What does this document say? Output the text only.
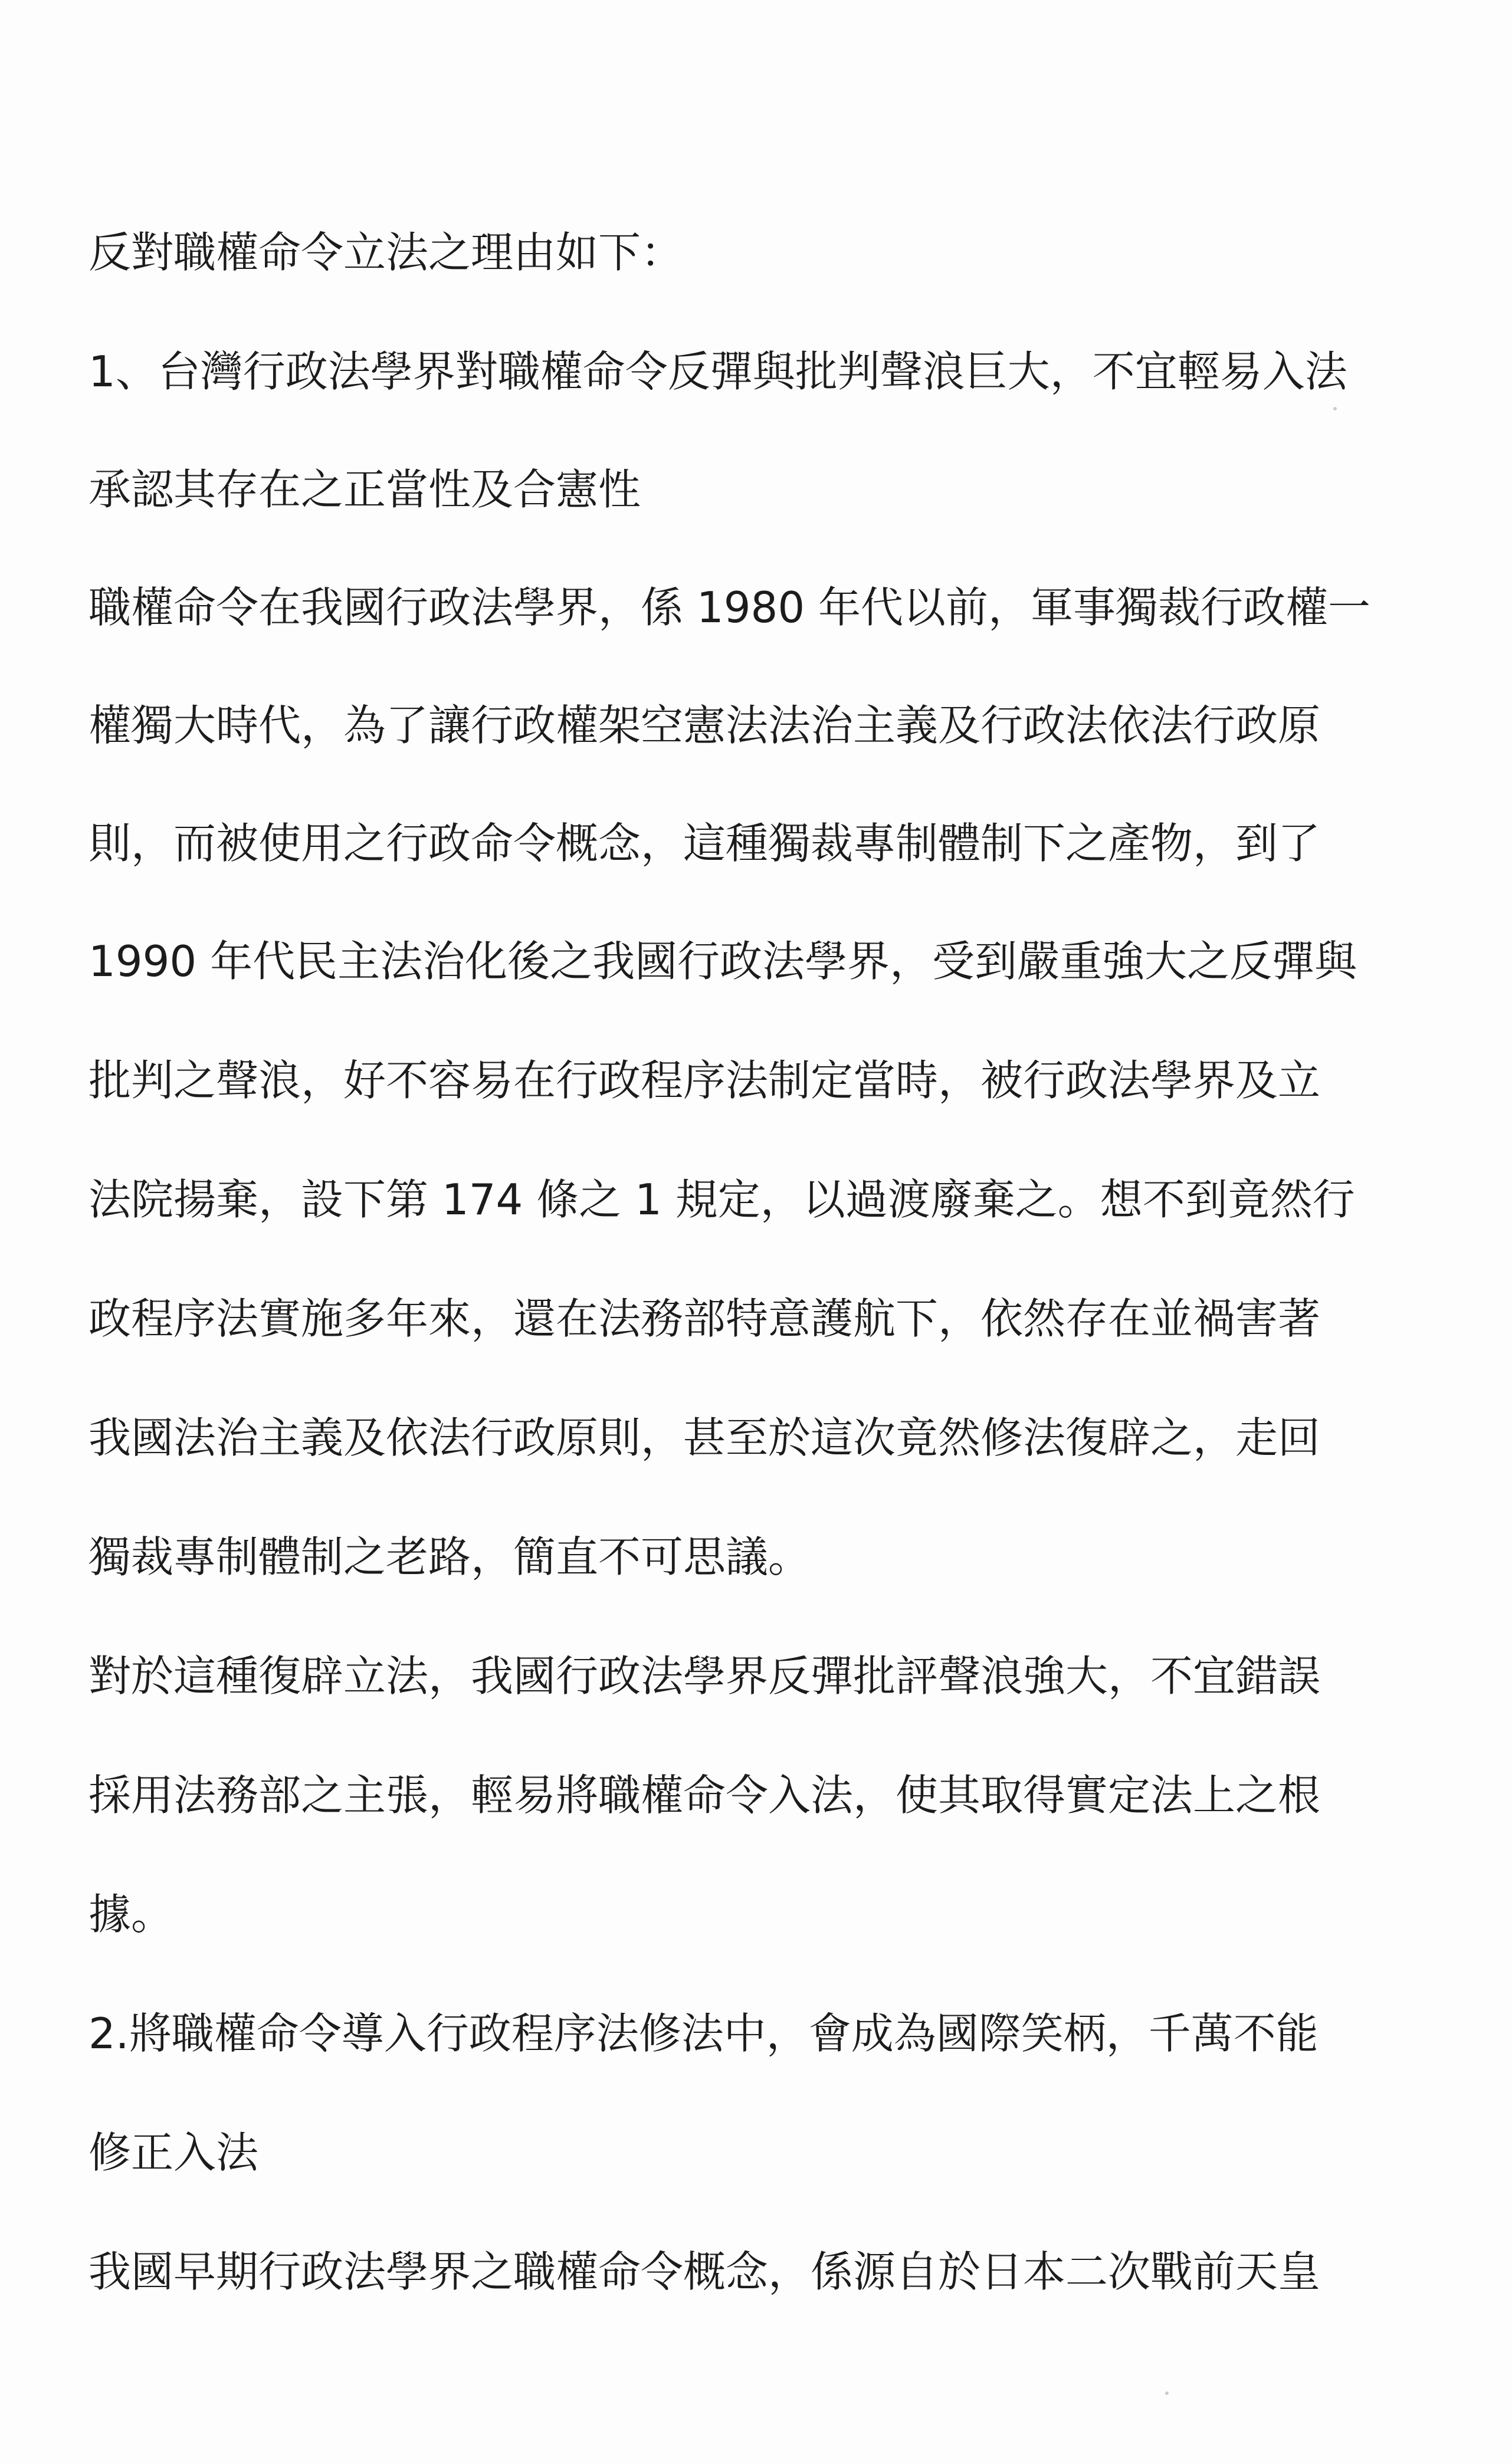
反對職權命令立法之理由如下：
1、台灣行政法學界對職權命令反彈與批判聲浪巨大，不宜輕易入法
承認其存在之正當性及合憲性
職權命令在我國行政法學界，係 1980 年代以前，軍事獨裁行政權一
權獨大時代，為了讓行政權架空憲法法治主義及行政法依法行政原
則，而被使用之行政命令概念，這種獨裁專制體制下之產物，到了
1990 年代民主法治化後之我國行政法學界，受到嚴重強大之反彈與
批判之聲浪，好不容易在行政程序法制定當時，被行政法學界及立
法院揚棄，設下第 174 條之 1 規定，以過渡廢棄之。想不到竟然行
政程序法實施多年來，還在法務部特意護航下，依然存在並禍害著
我國法治主義及依法行政原則，甚至於這次竟然修法復辟之，走回
獨裁專制體制之老路，簡直不可思議。
對於這種復辟立法，我國行政法學界反彈批評聲浪強大，不宜錯誤
採用法務部之主張，輕易將職權命令入法，使其取得實定法上之根
據。
2.將職權命令導入行政程序法修法中，會成為國際笑柄，千萬不能
修正入法
我國早期行政法學界之職權命令概念，係源自於日本二次戰前天皇
